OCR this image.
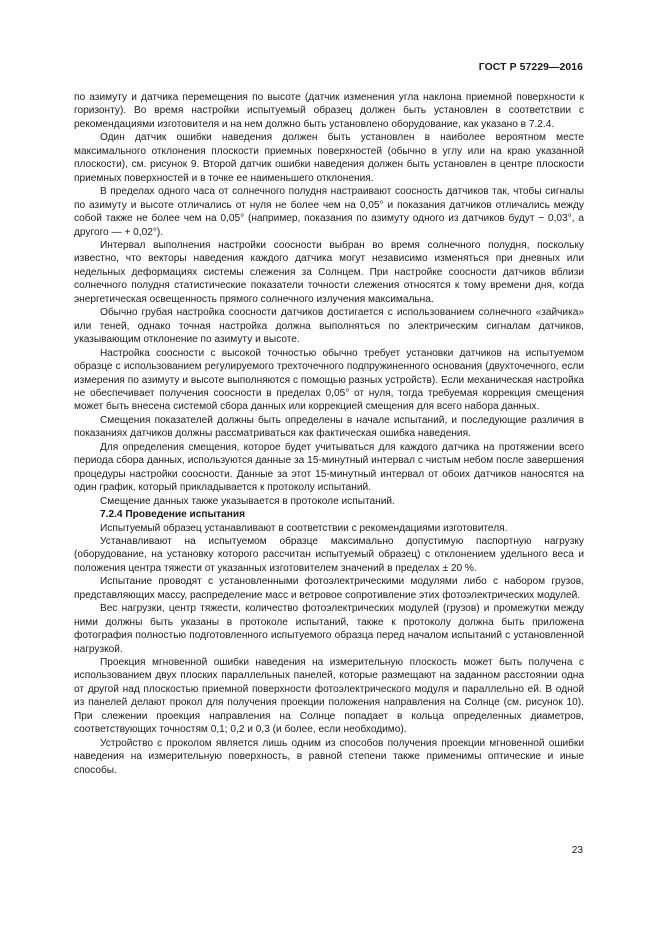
ГОСТ Р 57229—2016

по азимуту и датчика перемещения по высоте (датчик изменения угла наклона приемной поверхности к горизонту). Во время настройки испытуемый образец должен быть установлен в соответствии с рекомендациями изготовителя и на нем должно быть установлено оборудование, как указано в 7.2.4.

Один датчик ошибки наведения должен быть установлен в наиболее вероятном месте максимального отклонения плоскости приемных поверхностей (обычно в углу или на краю указанной плоскости), см. рисунок 9. Второй датчик ошибки наведения должен быть установлен в центре плоскости приемных поверхностей и в точке ее наименьшего отклонения.

В пределах одного часа от солнечного полудня настраивают соосность датчиков так, чтобы сигналы по азимуту и высоте отличались от нуля не более чем на 0,05° и показания датчиков отличались между собой также не более чем на 0,05° (например, показания по азимуту одного из датчиков будут − 0,03°, а другого — + 0,02°).

Интервал выполнения настройки соосности выбран во время солнечного полудня, поскольку известно, что векторы наведения каждого датчика могут независимо изменяться при дневных или недельных деформациях системы слежения за Солнцем. При настройке соосности датчиков вблизи солнечного полудня статистические показатели точности слежения относятся к тому времени дня, когда энергетическая освещенность прямого солнечного излучения максимальна.

Обычно грубая настройка соосности датчиков достигается с использованием солнечного «зайчика» или теней, однако точная настройка должна выполняться по электрическим сигналам датчиков, указывающим отклонение по азимуту и высоте.

Настройка соосности с высокой точностью обычно требует установки датчиков на испытуемом образце с использованием регулируемого трехточечного подпружиненного основания (двухточечного, если измерения по азимуту и высоте выполняются с помощью разных устройств). Если механическая настройка не обеспечивает получения соосности в пределах 0,05° от нуля, тогда требуемая коррекция смещения может быть внесена системой сбора данных или коррекцией смещения для всего набора данных.

Смещения показателей должны быть определены в начале испытаний, и последующие различия в показаниях датчиков должны рассматриваться как фактическая ошибка наведения.

Для определения смещения, которое будет учитываться для каждого датчика на протяжении всего периода сбора данных, используются данные за 15-минутный интервал с чистым небом после завершения процедуры настройки соосности. Данные за этот 15-минутный интервал от обоих датчиков наносятся на один график, который прикладывается к протоколу испытаний.

Смещение данных также указывается в протоколе испытаний.

7.2.4 Проведение испытания

Испытуемый образец устанавливают в соответствии с рекомендациями изготовителя.

Устанавливают на испытуемом образце максимально допустимую паспортную нагрузку (оборудование, на установку которого рассчитан испытуемый образец) с отклонением удельного веса и положения центра тяжести от указанных изготовителем значений в пределах ± 20 %.

Испытание проводят с установленными фотоэлектрическими модулями либо с набором грузов, представляющих массу, распределение масс и ветровое сопротивление этих фотоэлектрических модулей.

Вес нагрузки, центр тяжести, количество фотоэлектрических модулей (грузов) и промежутки между ними должны быть указаны в протоколе испытаний, также к протоколу должна быть приложена фотография полностью подготовленного испытуемого образца перед началом испытаний с установленной нагрузкой.

Проекция мгновенной ошибки наведения на измерительную плоскость может быть получена с использованием двух плоских параллельных панелей, которые размещают на заданном расстоянии одна от другой над плоскостью приемной поверхности фотоэлектрического модуля и параллельно ей. В одной из панелей делают прокол для получения проекции положения направления на Солнце (см. рисунок 10). При слежении проекция направления на Солнце попадает в кольца определенных диаметров, соответствующих точностям 0,1; 0,2 и 0,3 (и более, если необходимо).

Устройство с проколом является лишь одним из способов получения проекции мгновенной ошибки наведения на измерительную поверхность, в равной степени также применимы оптические и иные способы.

23
